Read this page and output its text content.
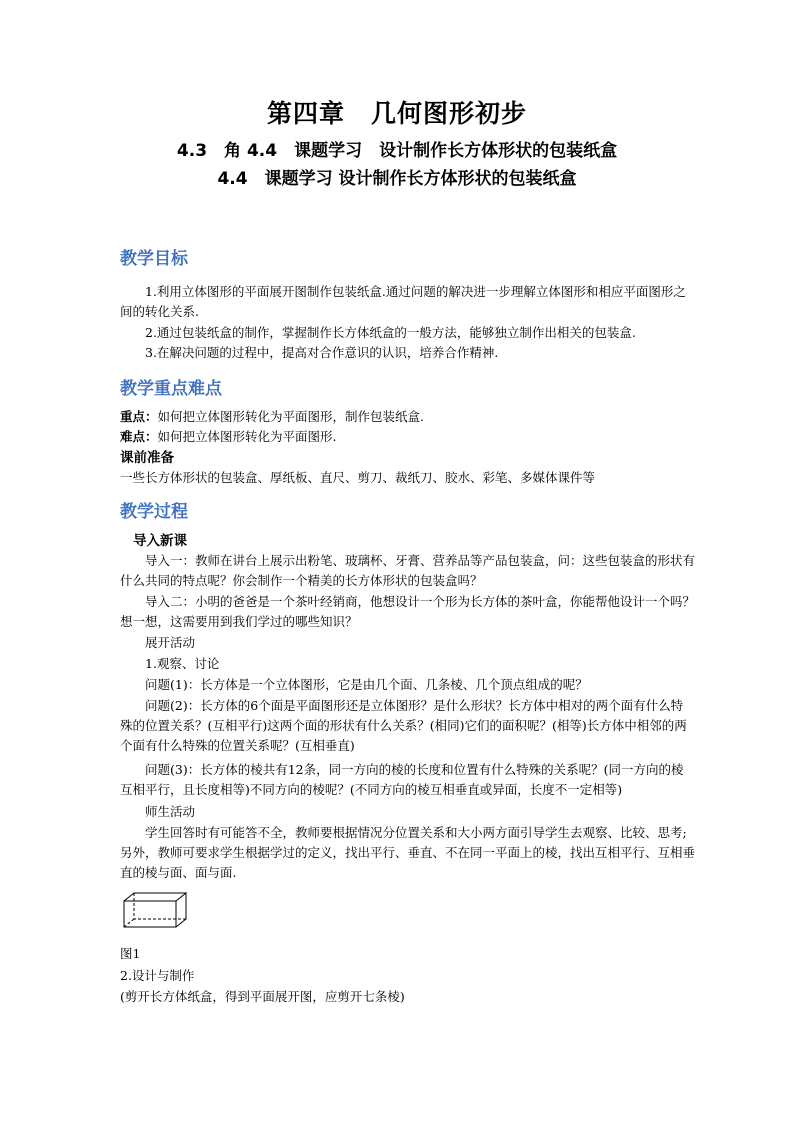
第四章　几何图形初步
4.3　角 4.4　课题学习　设计制作长方体形状的包装纸盒
4.4　课题学习 设计制作长方体形状的包装纸盒
教学目标
1.利用立体图形的平面展开图制作包装纸盒.通过问题的解决进一步理解立体图形和相应平面图形之间的转化关系.
2.通过包装纸盒的制作，掌握制作长方体纸盒的一般方法，能够独立制作出相关的包装盒.
3.在解决问题的过程中，提高对合作意识的认识，培养合作精神.
教学重点难点
重点：如何把立体图形转化为平面图形，制作包装纸盒.
难点：如何把立体图形转化为平面图形.
课前准备
一些长方体形状的包装盒、厚纸板、直尺、剪刀、裁纸刀、胶水、彩笔、多媒体课件等
教学过程
导入新课
导入一：教师在讲台上展示出粉笔、玻璃杯、牙膏、营养品等产品包装盒，问：这些包装盒的形状有什么共同的特点呢？你会制作一个精美的长方体形状的包装盒吗？
导入二：小明的爸爸是一个茶叶经销商，他想设计一个形为长方体的茶叶盒，你能帮他设计一个吗？想一想，这需要用到我们学过的哪些知识？
展开活动
1.观察、讨论
问题(1)：长方体是一个立体图形，它是由几个面、几条棱、几个顶点组成的呢？
问题(2)：长方体的6个面是平面图形还是立体图形？是什么形状？长方体中相对的两个面有什么特殊的位置关系？(互相平行)这两个面的形状有什么关系？(相同)它们的面积呢？(相等)长方体中相邻的两个面有什么特殊的位置关系呢？(互相垂直)
问题(3)：长方体的棱共有12条，同一方向的棱的长度和位置有什么特殊的关系呢？(同一方向的棱互相平行，且长度相等)不同方向的棱呢？(不同方向的棱互相垂直或异面，长度不一定相等)
师生活动
学生回答时有可能答不全，教师要根据情况分位置关系和大小两方面引导学生去观察、比较、思考;另外，教师可要求学生根据学过的定义，找出平行、垂直、不在同一平面上的棱，找出互相平行、互相垂直的棱与面、面与面.
图1
2.设计与制作
(剪开长方体纸盒，得到平面展开图，应剪开七条棱)
